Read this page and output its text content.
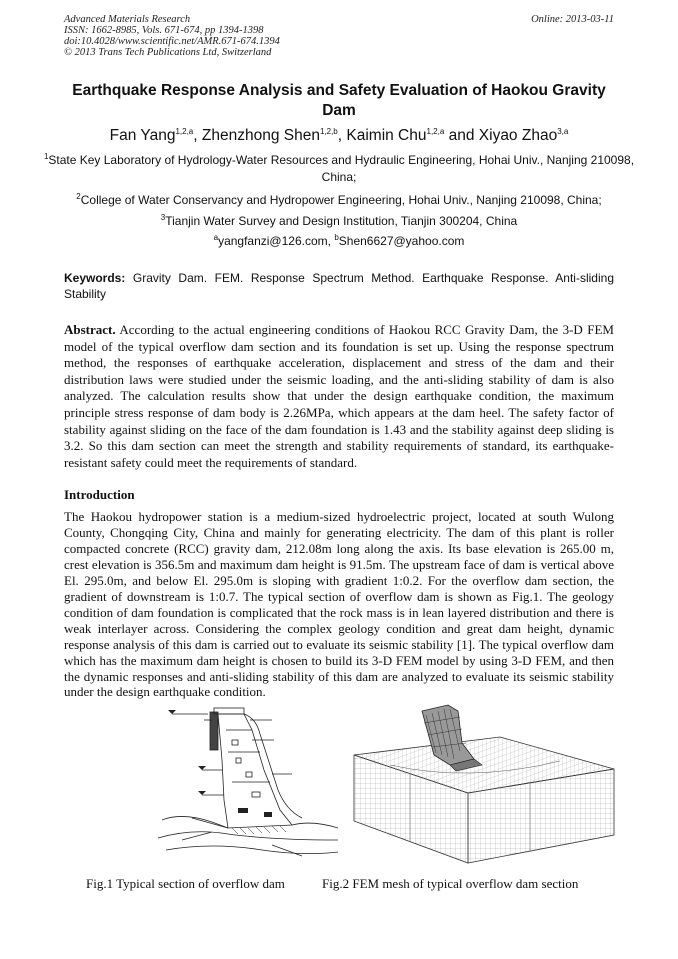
Advanced Materials Research
ISSN: 1662-8985, Vols. 671-674, pp 1394-1398
doi:10.4028/www.scientific.net/AMR.671-674.1394
© 2013 Trans Tech Publications Ltd, Switzerland
Online: 2013-03-11
Earthquake Response Analysis and Safety Evaluation of Haokou Gravity Dam
Fan Yang$^{1,2,a}$, Zhenzhong Shen$^{1,2,b}$, Kaimin Chu$^{1,2,a}$ and Xiyao Zhao$^{3,a}$
$^1$State Key Laboratory of Hydrology-Water Resources and Hydraulic Engineering, Hohai Univ., Nanjing 210098, China;
$^2$College of Water Conservancy and Hydropower Engineering, Hohai Univ., Nanjing 210098, China;
$^3$Tianjin Water Survey and Design Institution, Tianjin 300204, China
$^a$yangfanzi@126.com, $^b$Shen6627@yahoo.com
Keywords: Gravity Dam. FEM. Response Spectrum Method. Earthquake Response. Anti-sliding Stability
Abstract. According to the actual engineering conditions of Haokou RCC Gravity Dam, the 3-D FEM model of the typical overflow dam section and its foundation is set up. Using the response spectrum method, the responses of earthquake acceleration, displacement and stress of the dam and their distribution laws were studied under the seismic loading, and the anti-sliding stability of dam is also analyzed. The calculation results show that under the design earthquake condition, the maximum principle stress response of dam body is 2.26MPa, which appears at the dam heel. The safety factor of stability against sliding on the face of the dam foundation is 1.43 and the stability against deep sliding is 3.2. So this dam section can meet the strength and stability requirements of standard, its earthquake-resistant safety could meet the requirements of standard.
Introduction
The Haokou hydropower station is a medium-sized hydroelectric project, located at south Wulong County, Chongqing City, China and mainly for generating electricity. The dam of this plant is roller compacted concrete (RCC) gravity dam, 212.08m long along the axis. Its base elevation is 265.00 m, crest elevation is 356.5m and maximum dam height is 91.5m. The upstream face of dam is vertical above El. 295.0m, and below El. 295.0m is sloping with gradient 1:0.2. For the overflow dam section, the gradient of downstream is 1:0.7. The typical section of overflow dam is shown as Fig.1. The geology condition of dam foundation is complicated that the rock mass is in lean layered distribution and there is weak interlayer across. Considering the complex geology condition and great dam height, dynamic response analysis of this dam is carried out to evaluate its seismic stability [1]. The typical overflow dam which has the maximum dam height is chosen to build its 3-D FEM model by using 3-D FEM, and then the dynamic responses and anti-sliding stability of this dam are analyzed to evaluate its seismic stability under the design earthquake condition.
Fig.1 Typical section of overflow dam	Fig.2 FEM mesh of typical overflow dam section
